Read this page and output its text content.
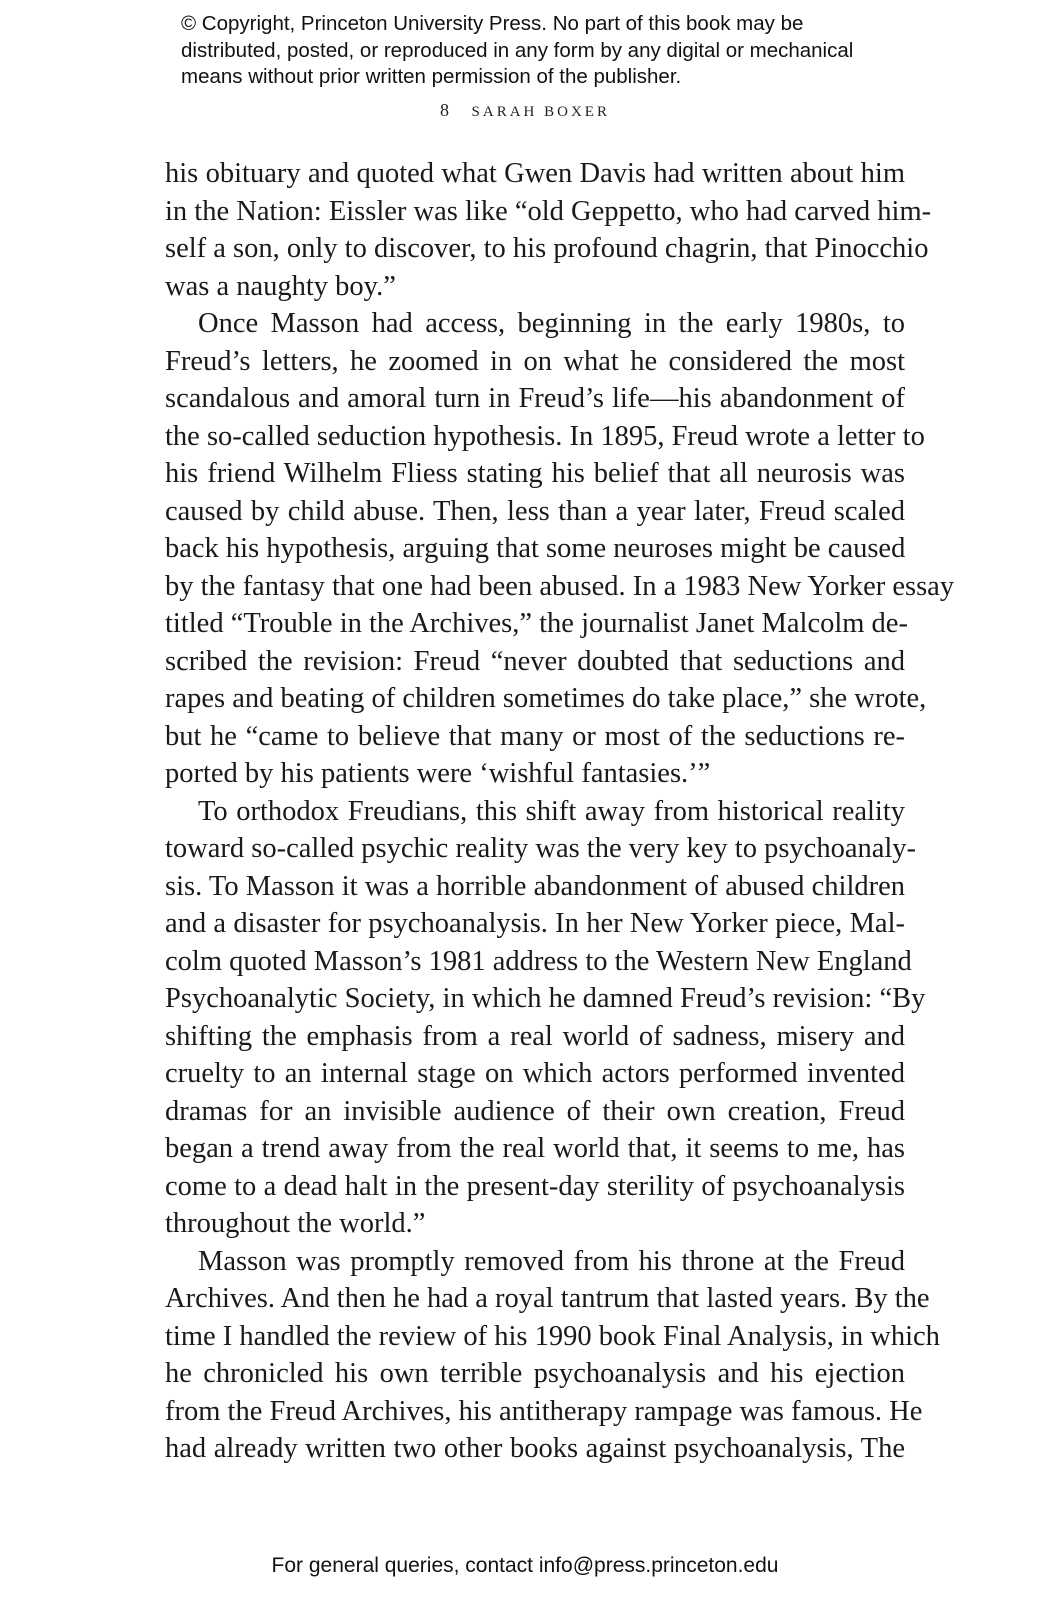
© Copyright, Princeton University Press. No part of this book may be
distributed, posted, or reproduced in any form by any digital or mechanical
means without prior written permission of the publisher.
8 SARAH BOXER
his obituary and quoted what Gwen Davis had written about him
in the Nation: Eissler was like “old Geppetto, who had carved him-
self a son, only to discover, to his profound chagrin, that Pinocchio
was a naughty boy.”
Once Masson had access, beginning in the early 1980s, to
Freud’s letters, he zoomed in on what he considered the most
scandalous and amoral turn in Freud’s life—his abandonment of
the so-called seduction hypothesis. In 1895, Freud wrote a letter to
his friend Wilhelm Fliess stating his belief that all neurosis was
caused by child abuse. Then, less than a year later, Freud scaled
back his hypothesis, arguing that some neuroses might be caused
by the fantasy that one had been abused. In a 1983 New Yorker essay
titled “Trouble in the Archives,” the journalist Janet Malcolm de-
scribed the revision: Freud “never doubted that seductions and
rapes and beating of children sometimes do take place,” she wrote,
but he “came to believe that many or most of the seductions re-
ported by his patients were ‘wishful fantasies.’”
To orthodox Freudians, this shift away from historical reality
toward so-called psychic reality was the very key to psychoanaly-
sis. To Masson it was a horrible abandonment of abused children
and a disaster for psychoanalysis. In her New Yorker piece, Mal-
colm quoted Masson’s 1981 address to the Western New England
Psychoanalytic Society, in which he damned Freud’s revision: “By
shifting the emphasis from a real world of sadness, misery and
cruelty to an internal stage on which actors performed invented
dramas for an invisible audience of their own creation, Freud
began a trend away from the real world that, it seems to me, has
come to a dead halt in the present-day sterility of psychoanalysis
throughout the world.”
Masson was promptly removed from his throne at the Freud
Archives. And then he had a royal tantrum that lasted years. By the
time I handled the review of his 1990 book Final Analysis, in which
he chronicled his own terrible psychoanalysis and his ejection
from the Freud Archives, his antitherapy rampage was famous. He
had already written two other books against psychoanalysis, The
For general queries, contact info@press.princeton.edu
